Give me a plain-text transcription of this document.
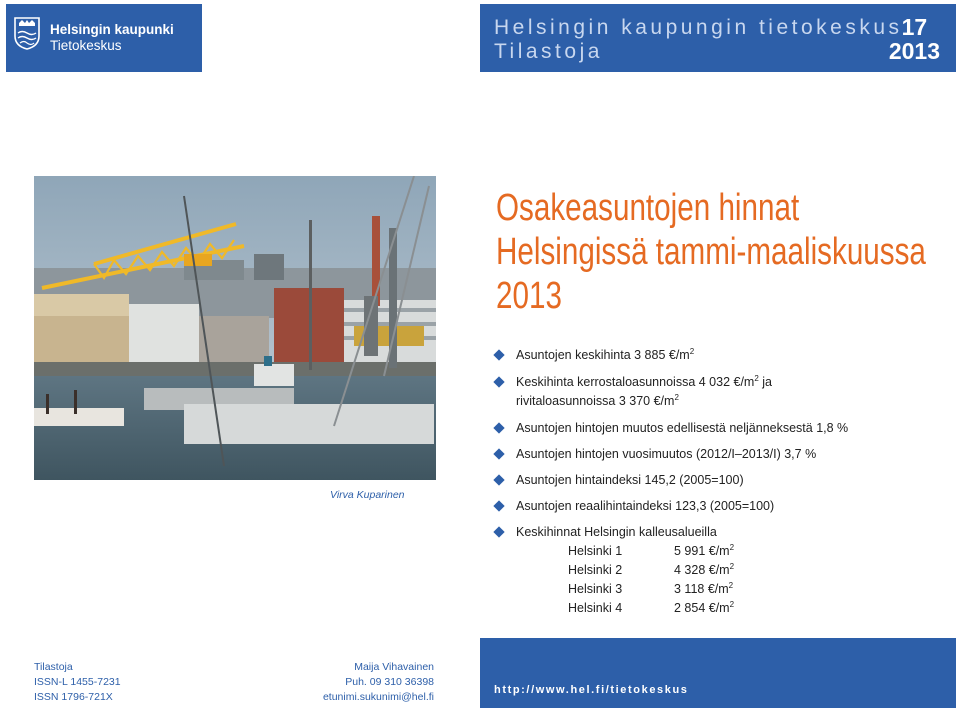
Helsingin kaupunki
Tietokeskus
Helsingin kaupungin tietokeskus
Tilastoja
17
2013
Virva Kuparinen
Osakeasuntojen hinnat
Helsingissä tammi-maaliskuussa
2013
Asuntojen keskihinta 3 885 $€/m^2$
Keskihinta kerrostaloasunnoissa 4 032 $€/m^2$ ja
rivitaloasunnoissa 3 370 $€/m^2$
Asuntojen hintojen muutos edellisestä neljänneksestä 1,8 %
Asuntojen hintojen vuosimuutos (2012/I–2013/I) 3,7 %
Asuntojen hintaindeksi 145,2 (2005=100)
Asuntojen reaalihintaindeksi 123,3 (2005=100)
Keskihinnat Helsingin kalleusalueilla
Helsinki 1	5 991 $€/m^2$
Helsinki 2	4 328 $€/m^2$
Helsinki 3	3 118 $€/m^2$
Helsinki 4	2 854 $€/m^2$
Tilastoja
ISSN-L 1455-7231
ISSN 1796-721X
Maija Vihavainen
Puh. 09 310 36398
etunimi.sukunimi@hel.fi
http://www.hel.fi/tietokeskus
